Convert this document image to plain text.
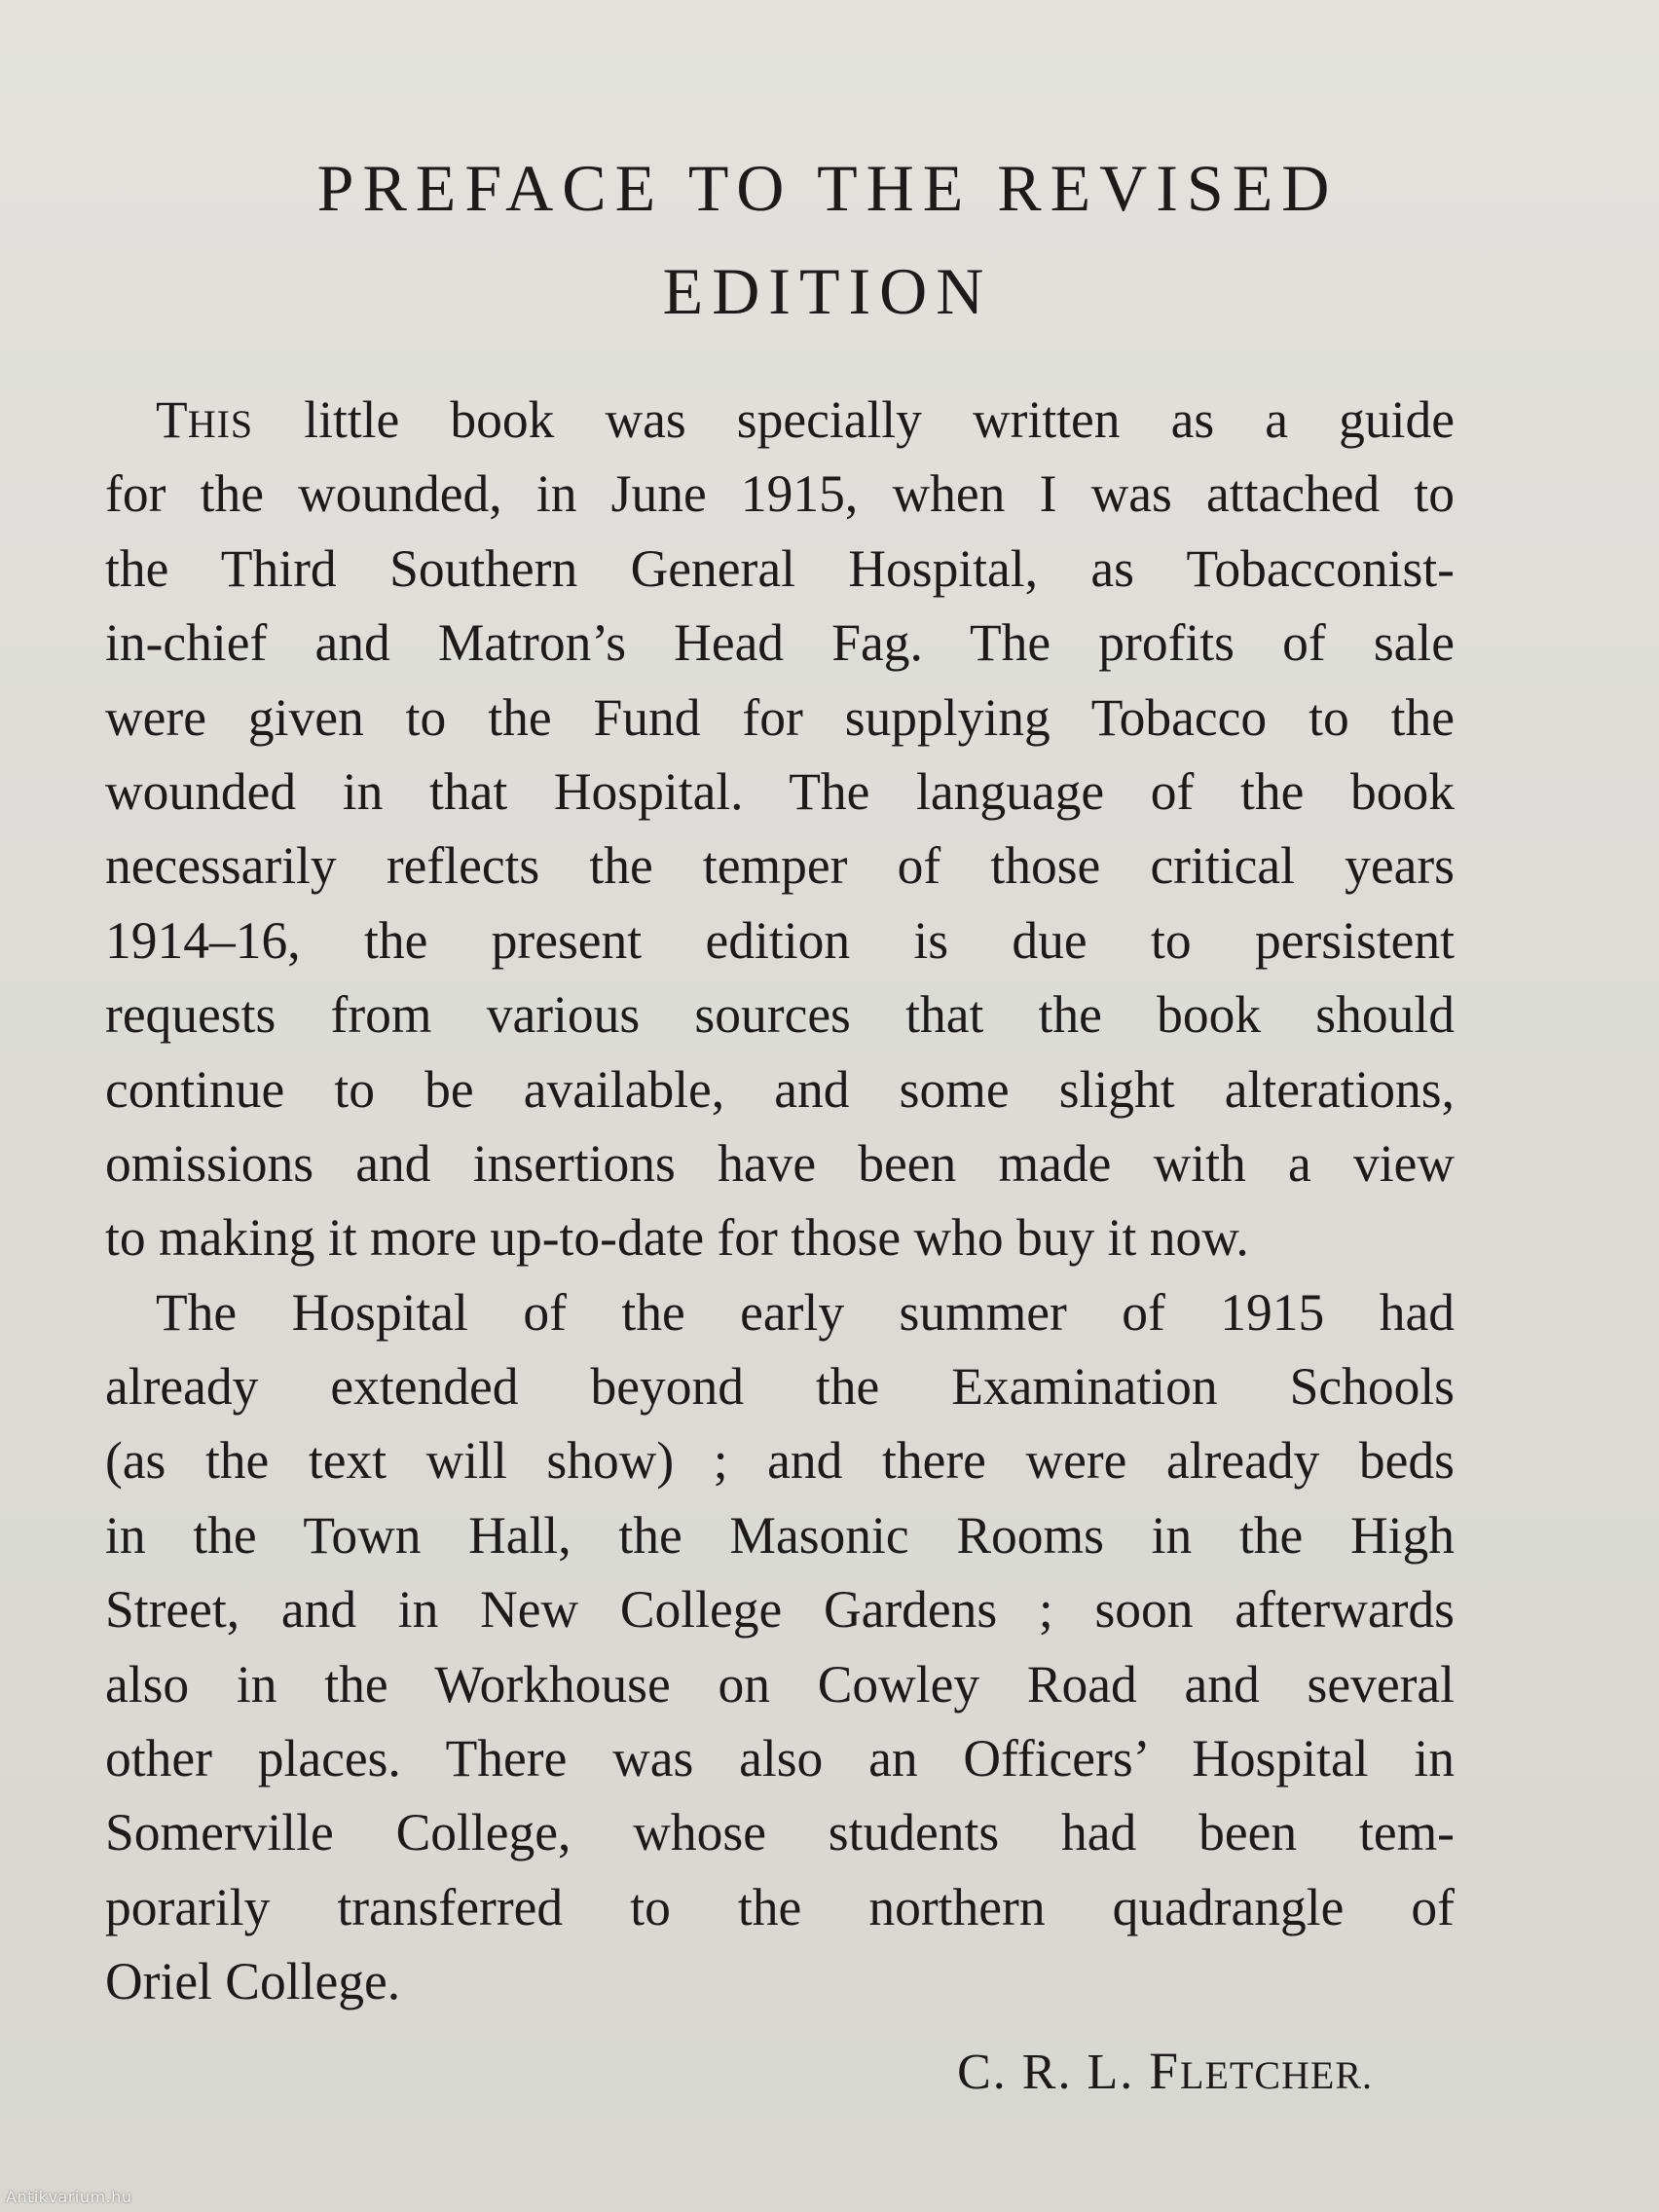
PREFACE TO THE REVISED
EDITION
THIS little book was specially written as a guide
for the wounded, in June 1915, when I was attached to
the Third Southern General Hospital, as Tobacconist-
in-chief and Matron’s Head Fag. The profits of sale
were given to the Fund for supplying Tobacco to the
wounded in that Hospital. The language of the book
necessarily reflects the temper of those critical years
1914–16, the present edition is due to persistent
requests from various sources that the book should
continue to be available, and some slight alterations,
omissions and insertions have been made with a view
to making it more up-to-date for those who buy it now.
The Hospital of the early summer of 1915 had
already extended beyond the Examination Schools
(as the text will show) ; and there were already beds
in the Town Hall, the Masonic Rooms in the High
Street, and in New College Gardens ; soon afterwards
also in the Workhouse on Cowley Road and several
other places. There was also an Officers’ Hospital in
Somerville College, whose students had been tem-
porarily transferred to the northern quadrangle of
Oriel College.
C. R. L. FLETCHER.
Antikvarium.hu
